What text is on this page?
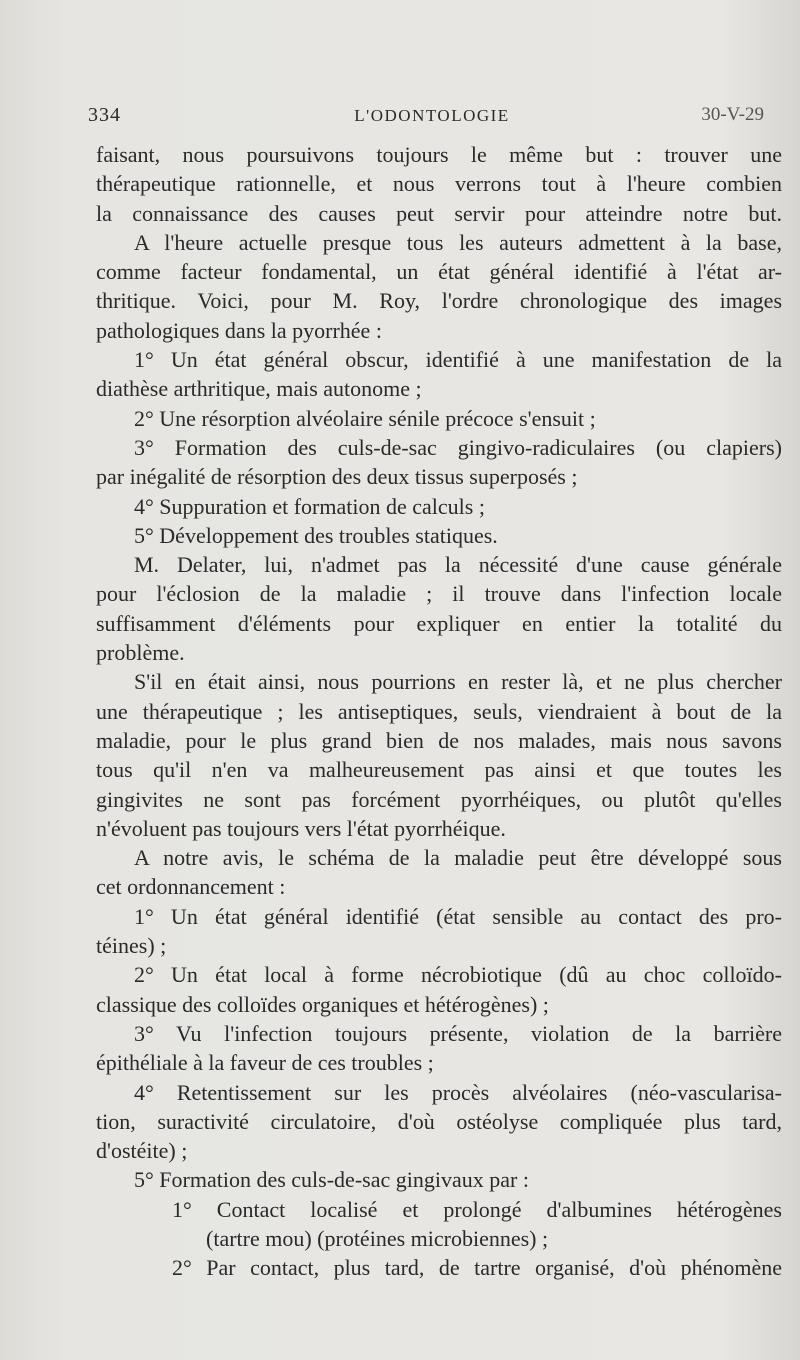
334	L'ODONTOLOGIE	30-V-29
faisant, nous poursuivons toujours le même but : trouver une
thérapeutique rationnelle, et nous verrons tout à l'heure combien
la connaissance des causes peut servir pour atteindre notre but.
A l'heure actuelle presque tous les auteurs admettent à la base,
comme facteur fondamental, un état général identifié à l'état ar-
thritique. Voici, pour M. Roy, l'ordre chronologique des images
pathologiques dans la pyorrhée :
1° Un état général obscur, identifié à une manifestation de la
diathèse arthritique, mais autonome ;
2° Une résorption alvéolaire sénile précoce s'ensuit ;
3° Formation des culs-de-sac gingivo-radiculaires (ou clapiers)
par inégalité de résorption des deux tissus superposés ;
4° Suppuration et formation de calculs ;
5° Développement des troubles statiques.
M. Delater, lui, n'admet pas la nécessité d'une cause générale
pour l'éclosion de la maladie ; il trouve dans l'infection locale
suffisamment d'éléments pour expliquer en entier la totalité du
problème.
S'il en était ainsi, nous pourrions en rester là, et ne plus chercher
une thérapeutique ; les antiseptiques, seuls, viendraient à bout de la
maladie, pour le plus grand bien de nos malades, mais nous savons
tous qu'il n'en va malheureusement pas ainsi et que toutes les
gingivites ne sont pas forcément pyorrhéiques, ou plutôt qu'elles
n'évoluent pas toujours vers l'état pyorrhéique.
A notre avis, le schéma de la maladie peut être développé sous
cet ordonnancement :
1° Un état général identifié (état sensible au contact des pro-
téines) ;
2° Un état local à forme nécrobiotique (dû au choc colloïdo-
classique des colloïdes organiques et hétérogènes) ;
3° Vu l'infection toujours présente, violation de la barrière
épithéliale à la faveur de ces troubles ;
4° Retentissement sur les procès alvéolaires (néo-vascularisa-
tion, suractivité circulatoire, d'où ostéolyse compliquée plus tard,
d'ostéite) ;
5° Formation des culs-de-sac gingivaux par :
1° Contact localisé et prolongé d'albumines hétérogènes
(tartre mou) (protéines microbiennes) ;
2° Par contact, plus tard, de tartre organisé, d'où phénomène
